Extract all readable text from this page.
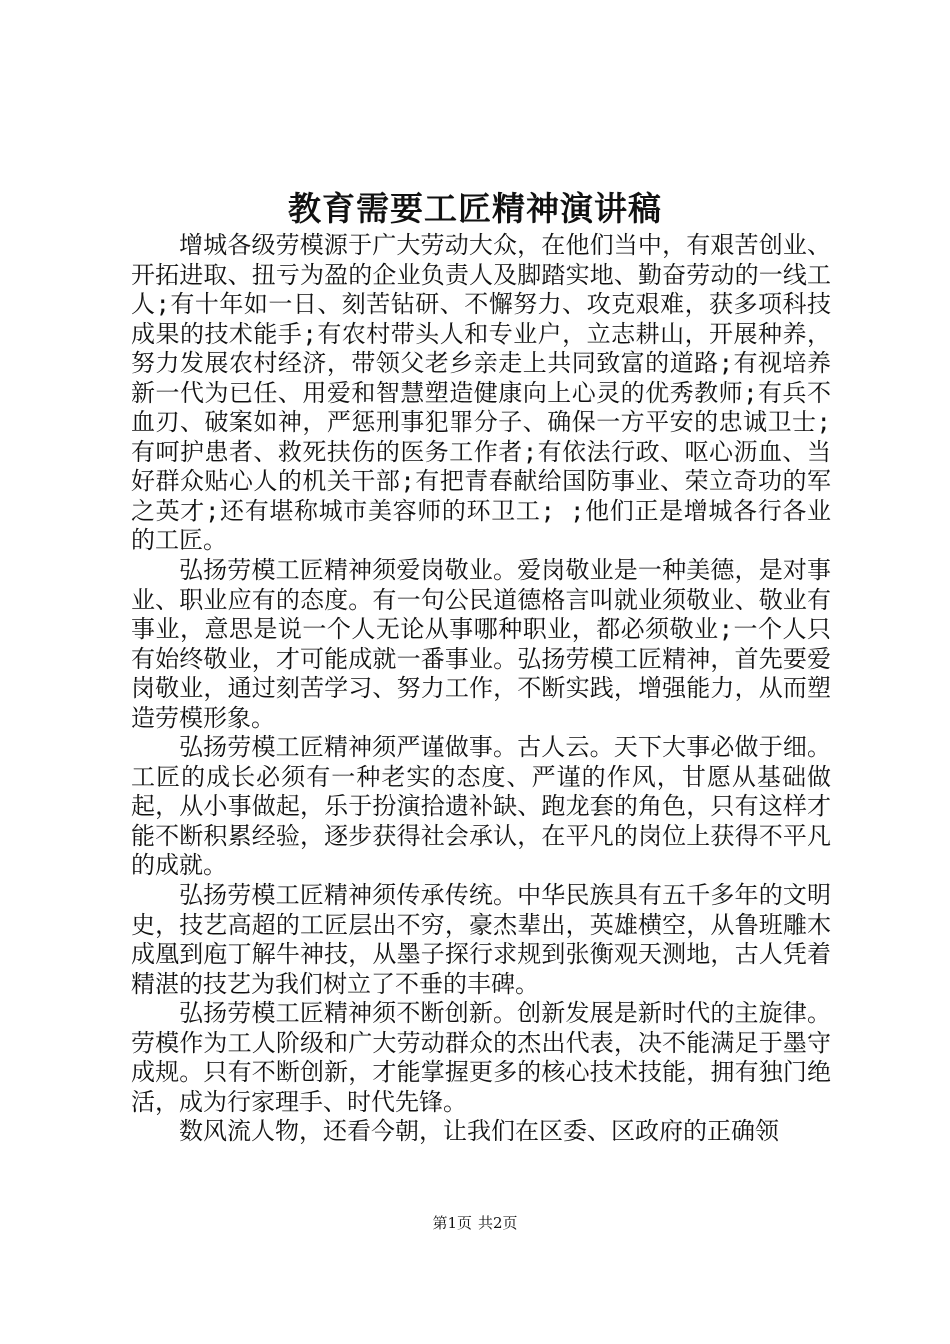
教育需要工匠精神演讲稿

增城各级劳模源于广大劳动大众，在他们当中，有艰苦创业、开拓进取、扭亏为盈的企业负责人及脚踏实地、勤奋劳动的一线工人;有十年如一日、刻苦钻研、不懈努力、攻克艰难，获多项科技成果的技术能手;有农村带头人和专业户，立志耕山，开展种养，努力发展农村经济，带领父老乡亲走上共同致富的道路;有视培养新一代为已任、用爱和智慧塑造健康向上心灵的优秀教师;有兵不血刃、破案如神，严惩刑事犯罪分子、确保一方平安的忠诚卫士;有呵护患者、救死扶伤的医务工作者;有依法行政、呕心沥血、当好群众贴心人的机关干部;有把青春献给国防事业、荣立奇功的军之英才;还有堪称城市美容师的环卫工; ;他们正是增城各行各业的工匠。

弘扬劳模工匠精神须爱岗敬业。爱岗敬业是一种美德，是对事业、职业应有的态度。有一句公民道德格言叫就业须敬业、敬业有事业，意思是说一个人无论从事哪种职业，都必须敬业;一个人只有始终敬业，才可能成就一番事业。弘扬劳模工匠精神，首先要爱岗敬业，通过刻苦学习、努力工作，不断实践，增强能力，从而塑造劳模形象。

弘扬劳模工匠精神须严谨做事。古人云。天下大事必做于细。工匠的成长必须有一种老实的态度、严谨的作风，甘愿从基础做起，从小事做起，乐于扮演拾遗补缺、跑龙套的角色，只有这样才能不断积累经验，逐步获得社会承认，在平凡的岗位上获得不平凡的成就。

弘扬劳模工匠精神须传承传统。中华民族具有五千多年的文明史，技艺高超的工匠层出不穷，豪杰辈出，英雄横空，从鲁班雕木成凰到庖丁解牛神技，从墨子探行求规到张衡观天测地，古人凭着精湛的技艺为我们树立了不垂的丰碑。

弘扬劳模工匠精神须不断创新。创新发展是新时代的主旋律。劳模作为工人阶级和广大劳动群众的杰出代表，决不能满足于墨守成规。只有不断创新，才能掌握更多的核心技术技能，拥有独门绝活，成为行家理手、时代先锋。

数风流人物，还看今朝，让我们在区委、区政府的正确领

第1页 共2页
